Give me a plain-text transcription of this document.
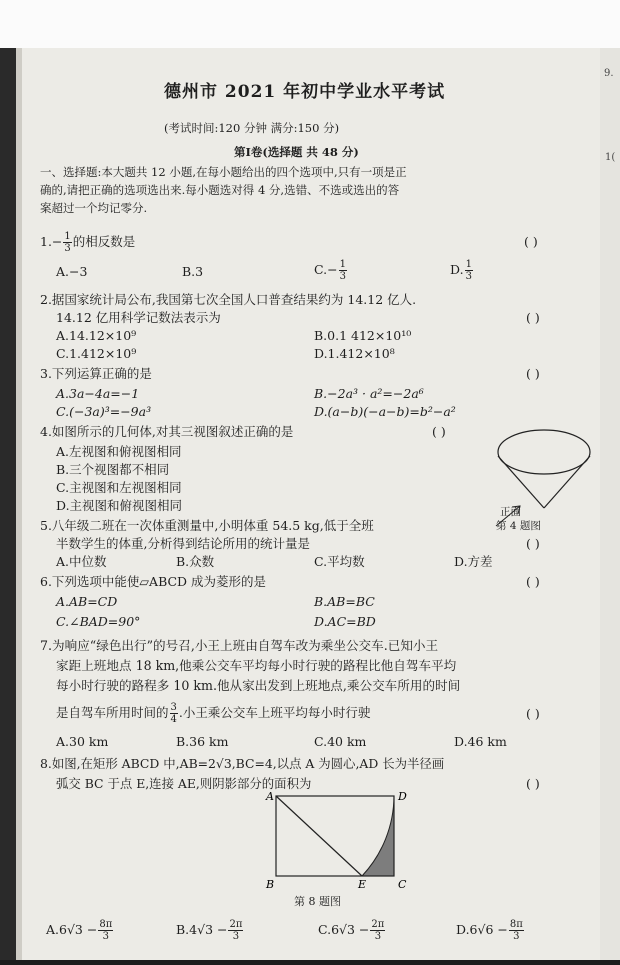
9.
1(
德州市 2021 年初中学业水平考试
(考试时间:120 分钟 满分:150 分)
第Ⅰ卷(选择题 共 48 分)
一、选择题:本大题共 12 小题,在每小题给出的四个选项中,只有一项是正
确的,请把正确的选项选出来.每小题选对得 4 分,选错、不选或选出的答
案超过一个均记零分.
$1.- \frac{1}{3}$ 的相反数是	( )
A.−3	B.3	$C.- \frac{1}{3}$	D. $\frac{1}{3}$
2.据国家统计局公布,我国第七次全国人口普查结果约为 14.12 亿人.
14.12 亿用科学记数法表示为	( )
A.14.12×10⁹	B.0.1 412×10¹⁰
C.1.412×10⁹	D.1.412×10⁸
3.下列运算正确的是	( )
A.3a−4a=−1	B.−2a³ · a²=−2a⁶
C.(−3a)³=−9a³	D.(a−b)(−a−b)=b²−a²
4.如图所示的几何体,对其三视图叙述正确的是	( )
A.左视图和俯视图相同
B.三个视图都不相同
C.主视图和左视图相同
D.主视图和俯视图相同	正面
第 4 题图
5.八年级二班在一次体重测量中,小明体重 54.5 kg,低于全班
半数学生的体重,分析得到结论所用的统计量是	( )
A.中位数	B.众数	C.平均数	D.方差
6.下列选项中能使▱ABCD 成为菱形的是	( )
A.AB=CD	B.AB=BC
C.∠BAD=90°	D.AC=BD
7.为响应“绿色出行”的号召,小王上班由自驾车改为乘坐公交车.已知小王
家距上班地点 18 km,他乘公交车平均每小时行驶的路程比他自驾车平均
每小时行驶的路程多 10 km.他从家出发到上班地点,乘公交车所用的时间
是自驾车所用时间的 $\frac{3}{4}$ .小王乘公交车上班平均每小时行驶	( )
A.30 km	B.36 km	C.40 km	D.46 km
8.如图,在矩形 ABCD 中,AB=2√3,BC=4,以点 A 为圆心,AD 长为半径画
弧交 BC 于点 E,连接 AE,则阴影部分的面积为	( )
A	D
B	C
E
第 8 题图
$A.6√3 - \frac{8\pi}{3}$	$B.4√3 - \frac{2\pi}{3}$	$C.6√3 - \frac{2\pi}{3}$	$D.6√6 - \frac{8\pi}{3}$
